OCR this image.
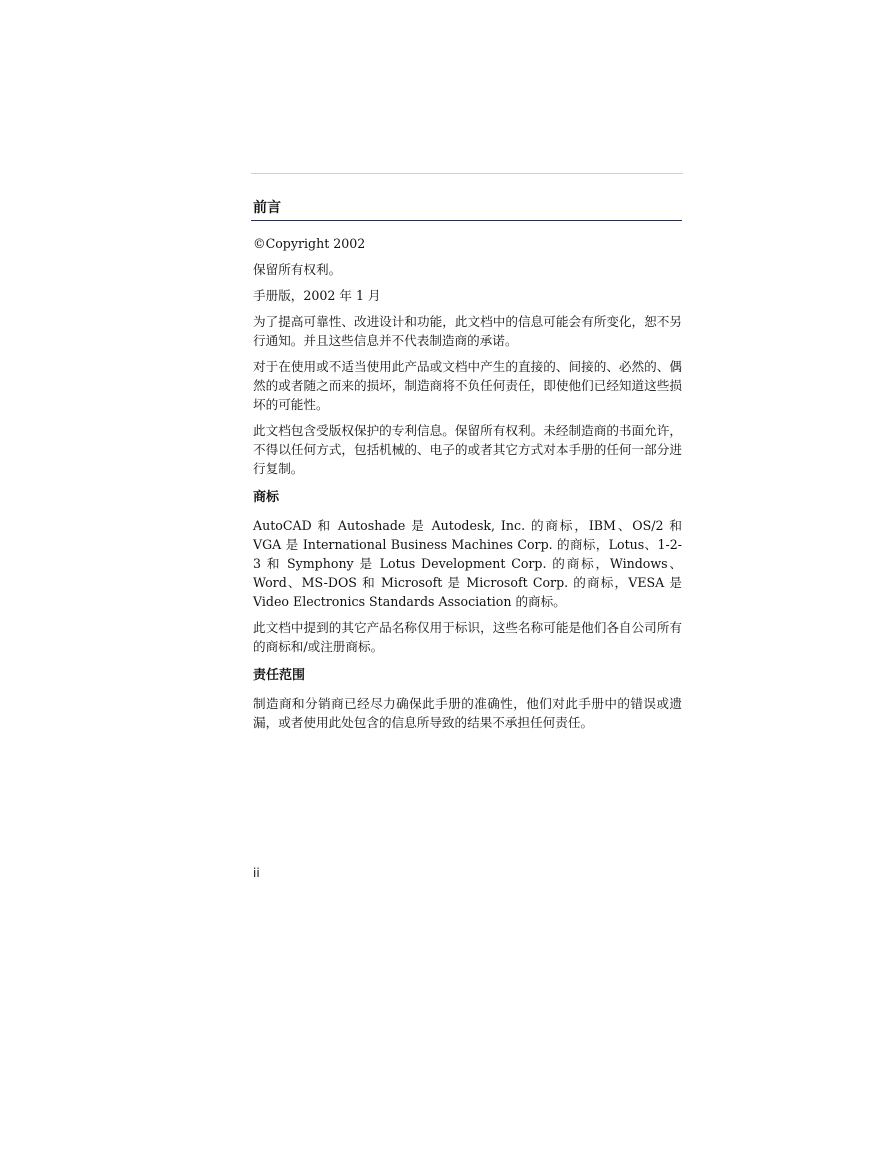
前言

©Copyright 2002

保留所有权利。

手册版，2002 年 1 月

为了提高可靠性、改进设计和功能，此文档中的信息可能会有所变化，恕不另行通知。并且这些信息并不代表制造商的承诺。

对于在使用或不适当使用此产品或文档中产生的直接的、间接的、必然的、偶然的或者随之而来的损坏，制造商将不负任何责任，即使他们已经知道这些损坏的可能性。

此文档包含受版权保护的专利信息。保留所有权利。未经制造商的书面允许，不得以任何方式，包括机械的、电子的或者其它方式对本手册的任何一部分进行复制。

商标

AutoCAD 和 Autoshade 是 Autodesk, Inc. 的商标，IBM、OS/2 和 VGA 是 International Business Machines Corp. 的商标，Lotus、1-2-3 和 Symphony 是 Lotus Development Corp. 的商标，Windows、Word、MS-DOS 和 Microsoft 是 Microsoft Corp. 的商标，VESA 是 Video Electronics Standards Association 的商标。

此文档中提到的其它产品名称仅用于标识，这些名称可能是他们各自公司所有的商标和/或注册商标。

责任范围

制造商和分销商已经尽力确保此手册的准确性，他们对此手册中的错误或遗漏，或者使用此处包含的信息所导致的结果不承担任何责任。

ii
